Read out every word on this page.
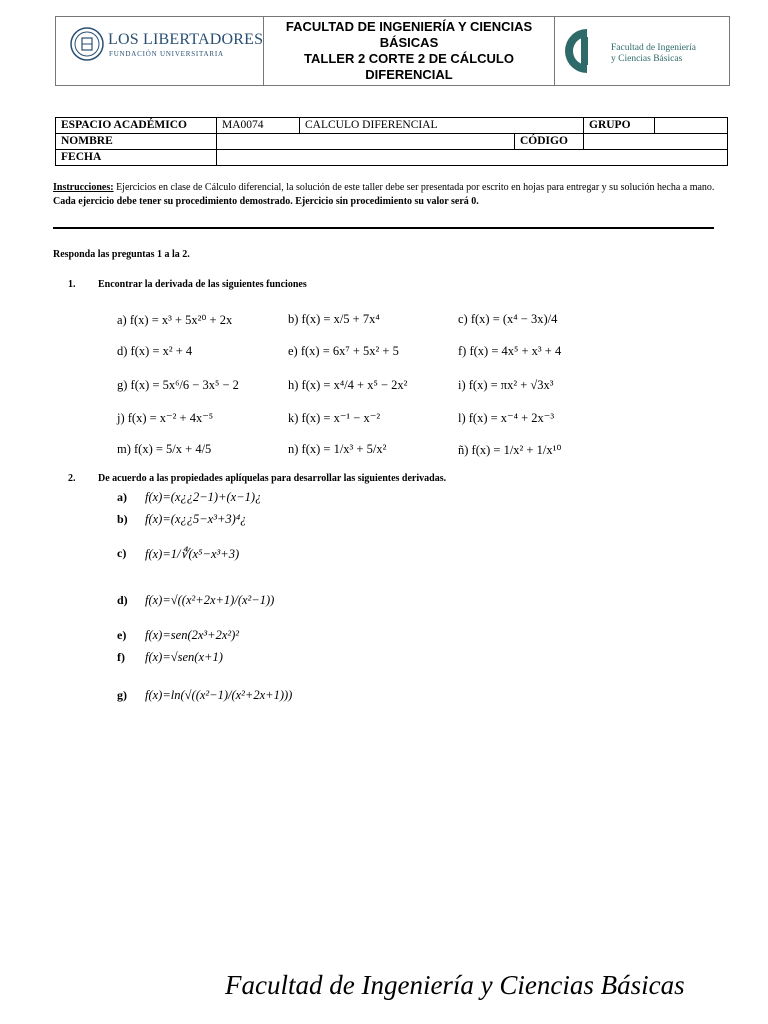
LOS LIBERTADORES
FUNDACIÓN UNIVERSITARIA
FACULTAD DE INGENIERÍA Y CIENCIAS
BÁSICAS
TALLER 2 CORTE 2 DE CÁLCULO
DIFERENCIAL
Facultad de Ingeniería
y Ciencias Básicas
ESPACIO ACADÉMICO	MA0074	CALCULO DIFERENCIAL		GRUPO	
NOMBRE			CÓDIGO		
FECHA					
Instrucciones: Ejercicios en clase de Cálculo diferencial, la solución de este taller debe ser presentada por escrito en hojas para entregar y su solución hecha a mano.
Cada ejercicio debe tener su procedimiento demostrado. Ejercicio sin procedimiento su valor será 0.
Responda las preguntas 1 a la 2.
1. Encontrar la derivada de las siguientes funciones
a) f(x) = x³ + 5x²⁰ + 2x	b) f(x) = x/5 + 7x⁴	c) f(x) = (x⁴ − 3x)/4
d) f(x) = x² + 4	e) f(x) = 6x⁷ + 5x² + 5	f) f(x) = 4x⁵ + x³ + 4
g) f(x) = 5x⁶/6 − 3x⁵ − 2	h) f(x) = x⁴/4 + x⁵ − 2x²	i) f(x) = πx² + √3x³
j) f(x) = x⁻² + 4x⁻⁵	k) f(x) = x⁻¹ − x⁻²	l) f(x) = x⁻⁴ + 2x⁻³
m) f(x) = 5/x + 4/5	n) f(x) = 1/x³ + 5/x²	ñ) f(x) = 1/x² + 1/x¹⁰
2. De acuerdo a las propiedades aplíquelas para desarrollar las siguientes derivadas.
a) f(x)=(x¿¿2−1)+(x−1)¿
b) f(x)=(x¿¿5−x³+3)⁴¿
c) f(x)=1/∜(x⁵−x³+3)
d) f(x)=√((x²+2x+1)/(x²−1))
e) f(x)=sen(2x³+2x²)²
f) f(x)=√sen(x+1)
g) f(x)=ln(√((x²−1)/(x²+2x+1)))
Facultad de Ingeniería y Ciencias Básicas
